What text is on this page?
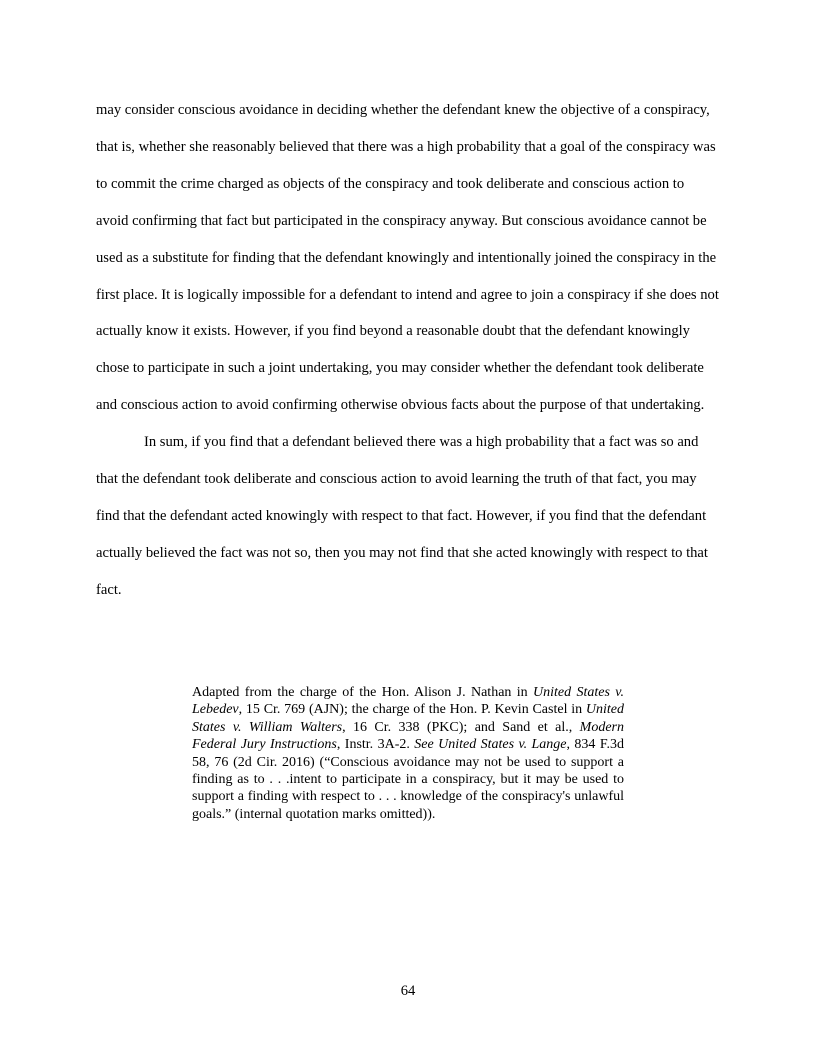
may consider conscious avoidance in deciding whether the defendant knew the objective of a conspiracy, that is, whether she reasonably believed that there was a high probability that a goal of the conspiracy was to commit the crime charged as objects of the conspiracy and took deliberate and conscious action to avoid confirming that fact but participated in the conspiracy anyway. But conscious avoidance cannot be used as a substitute for finding that the defendant knowingly and intentionally joined the conspiracy in the first place. It is logically impossible for a defendant to intend and agree to join a conspiracy if she does not actually know it exists. However, if you find beyond a reasonable doubt that the defendant knowingly chose to participate in such a joint undertaking, you may consider whether the defendant took deliberate and conscious action to avoid confirming otherwise obvious facts about the purpose of that undertaking.

In sum, if you find that a defendant believed there was a high probability that a fact was so and that the defendant took deliberate and conscious action to avoid learning the truth of that fact, you may find that the defendant acted knowingly with respect to that fact. However, if you find that the defendant actually believed the fact was not so, then you may not find that she acted knowingly with respect to that fact.

Adapted from the charge of the Hon. Alison J. Nathan in United States v. Lebedev, 15 Cr. 769 (AJN); the charge of the Hon. P. Kevin Castel in United States v. William Walters, 16 Cr. 338 (PKC); and Sand et al., Modern Federal Jury Instructions, Instr. 3A-2. See United States v. Lange, 834 F.3d 58, 76 (2d Cir. 2016) (“Conscious avoidance may not be used to support a finding as to . . .intent to participate in a conspiracy, but it may be used to support a finding with respect to . . . knowledge of the conspiracy's unlawful goals.” (internal quotation marks omitted)).

64
